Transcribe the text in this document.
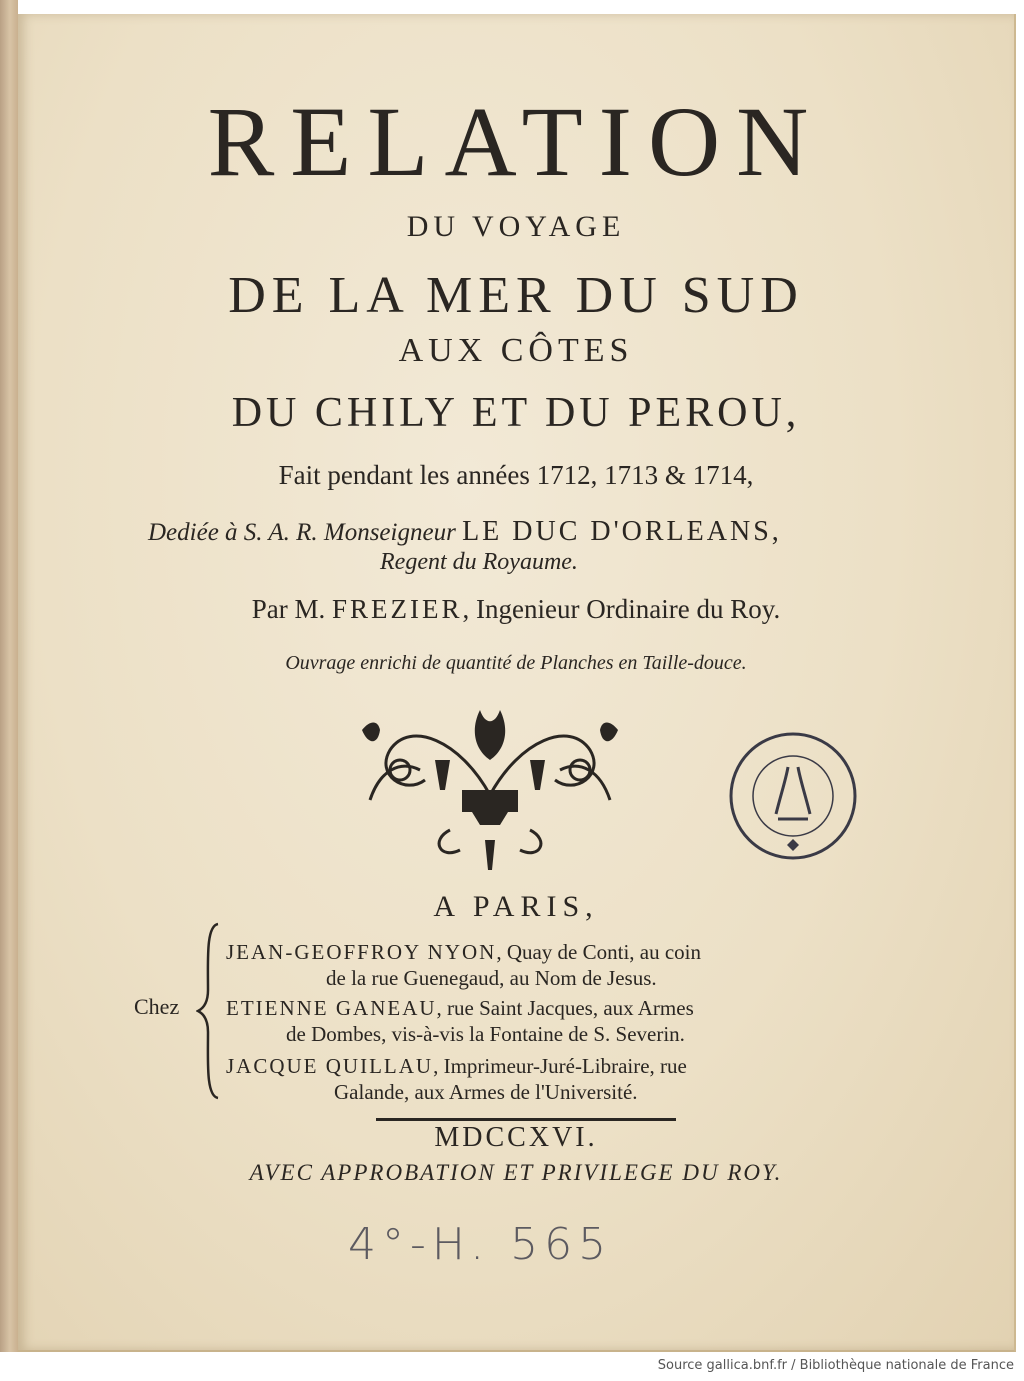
RELATION
DU VOYAGE
DE LA MER DU SUD
AUX CÔTES
DU CHILY ET DU PEROU,
Fait pendant les années 1712, 1713 & 1714,
Dediée à S. A. R. Monseigneur LE DUC D'ORLEANS,
Regent du Royaume.
Par M. FREZIER, Ingenieur Ordinaire du Roy.
Ouvrage enrichi de quantité de Planches en Taille-douce.
A PARIS,
Chez
JEAN-GEOFFROY NYON, Quay de Conti, au coin
de la rue Guenegaud, au Nom de Jesus.
ETIENNE GANEAU, rue Saint Jacques, aux Armes
de Dombes, vis-à-vis la Fontaine de S. Severin.
JACQUE QUILLAU, Imprimeur-Juré-Libraire, rue
Galande, aux Armes de l'Université.
MDCCXVI.
AVEC APPROBATION ET PRIVILEGE DU ROY.
4°-H. 565
Source gallica.bnf.fr / Bibliothèque nationale de France
